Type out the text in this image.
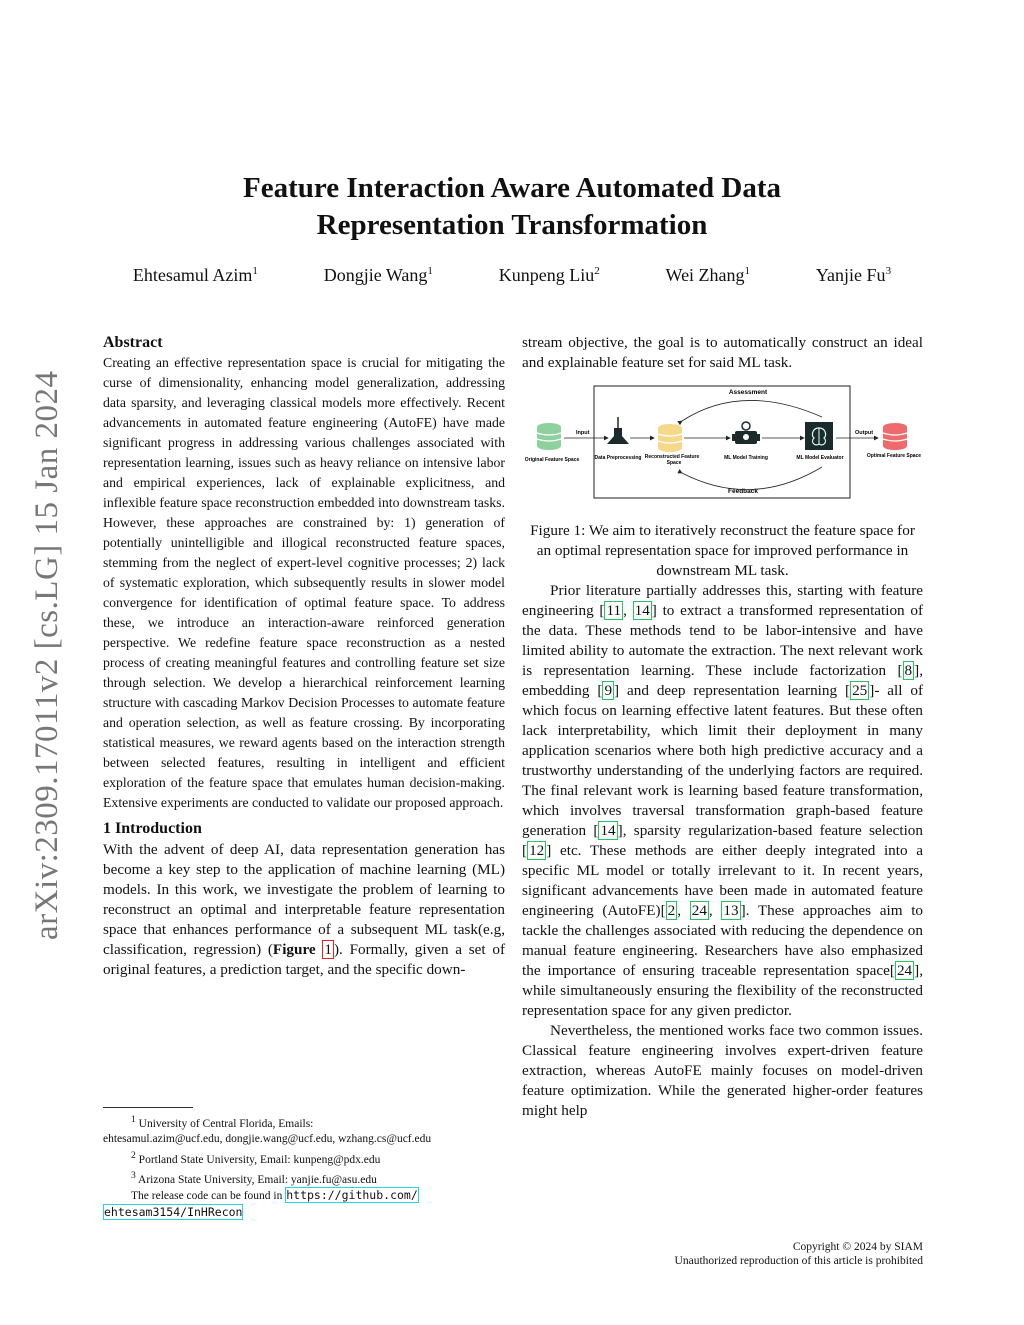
arXiv:2309.17011v2 [cs.LG] 15 Jan 2024
Feature Interaction Aware Automated Data
Representation Transformation
Ehtesamul Azim$^1$	Dongjie Wang$^1$	Kunpeng Liu$^2$	Wei Zhang$^1$	Yanjie Fu$^3$
Abstract

Creating an effective representation space is crucial for mitigating the curse of dimensionality, enhancing model generalization, addressing data sparsity, and leveraging classical models more effectively. Recent advancements in automated feature engineering (AutoFE) have made significant progress in addressing various challenges associated with representation learning, issues such as heavy reliance on intensive labor and empirical experiences, lack of explainable explicitness, and inflexible feature space reconstruction embedded into downstream tasks. However, these approaches are constrained by: 1) generation of potentially unintelligible and illogical reconstructed feature spaces, stemming from the neglect of expert-level cognitive processes; 2) lack of systematic exploration, which subsequently results in slower model convergence for identification of optimal feature space. To address these, we introduce an interaction-aware reinforced generation perspective. We redefine feature space reconstruction as a nested process of creating meaningful features and controlling feature set size through selection. We develop a hierarchical reinforcement learning structure with cascading Markov Decision Processes to automate feature and operation selection, as well as feature crossing. By incorporating statistical measures, we reward agents based on the interaction strength between selected features, resulting in intelligent and efficient exploration of the feature space that emulates human decision-making. Extensive experiments are conducted to validate our proposed approach.

1 Introduction

With the advent of deep AI, data representation generation has become a key step to the application of machine learning (ML) models. In this work, we investigate the problem of learning to reconstruct an optimal and interpretable feature representation space that enhances performance of a subsequent ML task(e.g, classification, regression) (Figure 1 ). Formally, given a set of original features, a prediction target, and the specific down-

stream objective, the goal is to automatically construct an ideal and explainable feature set for said ML task.

Assessment
Feedback
Original Feature Space
Input
Data Preprocessing Reconstructed Feature
Space
ML Model Training	ML Model Evaluator
Output
Optimal Feature Space

Figure 1: We aim to iteratively reconstruct the feature space for an optimal representation space for improved performance in downstream ML task.

Prior literature partially addresses this, starting with feature engineering [ 11 , 14 ] to extract a transformed representation of the data. These methods tend to be labor-intensive and have limited ability to automate the extraction. The next relevant work is representation learning. These include factorization [ 8 ], embedding [ 9 ] and deep representation learning [ 25 ]- all of which focus on learning effective latent features. But these often lack interpretability, which limit their deployment in many application scenarios where both high predictive accuracy and a trustworthy understanding of the underlying factors are required. The final relevant work is learning based feature transformation, which involves traversal transformation graph-based feature generation [ 14 ], sparsity regularization-based feature selection [ 12 ] etc. These methods are either deeply integrated into a specific ML model or totally irrelevant to it. In recent years, significant advancements have been made in automated feature engineering (AutoFE)[ 2 , 24 , 13 ]. These approaches aim to tackle the challenges associated with reducing the dependence on manual feature engineering. Researchers have also emphasized the importance of ensuring traceable representation space[ 24 ], while simultaneously ensuring the flexibility of the reconstructed representation space for any given predictor.

Nevertheless, the mentioned works face two common issues. Classical feature engineering involves expert-driven feature extraction, whereas AutoFE mainly focuses on model-driven feature optimization. While the generated higher-order features might help

$^1$ University of Central Florida, Emails:
ehtesamul.azim@ucf.edu, dongjie.wang@ucf.edu, wzhang.cs@ucf.edu
$^2$ Portland State University, Email: kunpeng@pdx.edu
$^3$ Arizona State University, Email: yanjie.fu@asu.edu
The release code can be found in https://github.com/
ehtesam3154/InHRecon
Copyright © 2024 by SIAM
Unauthorized reproduction of this article is prohibited
